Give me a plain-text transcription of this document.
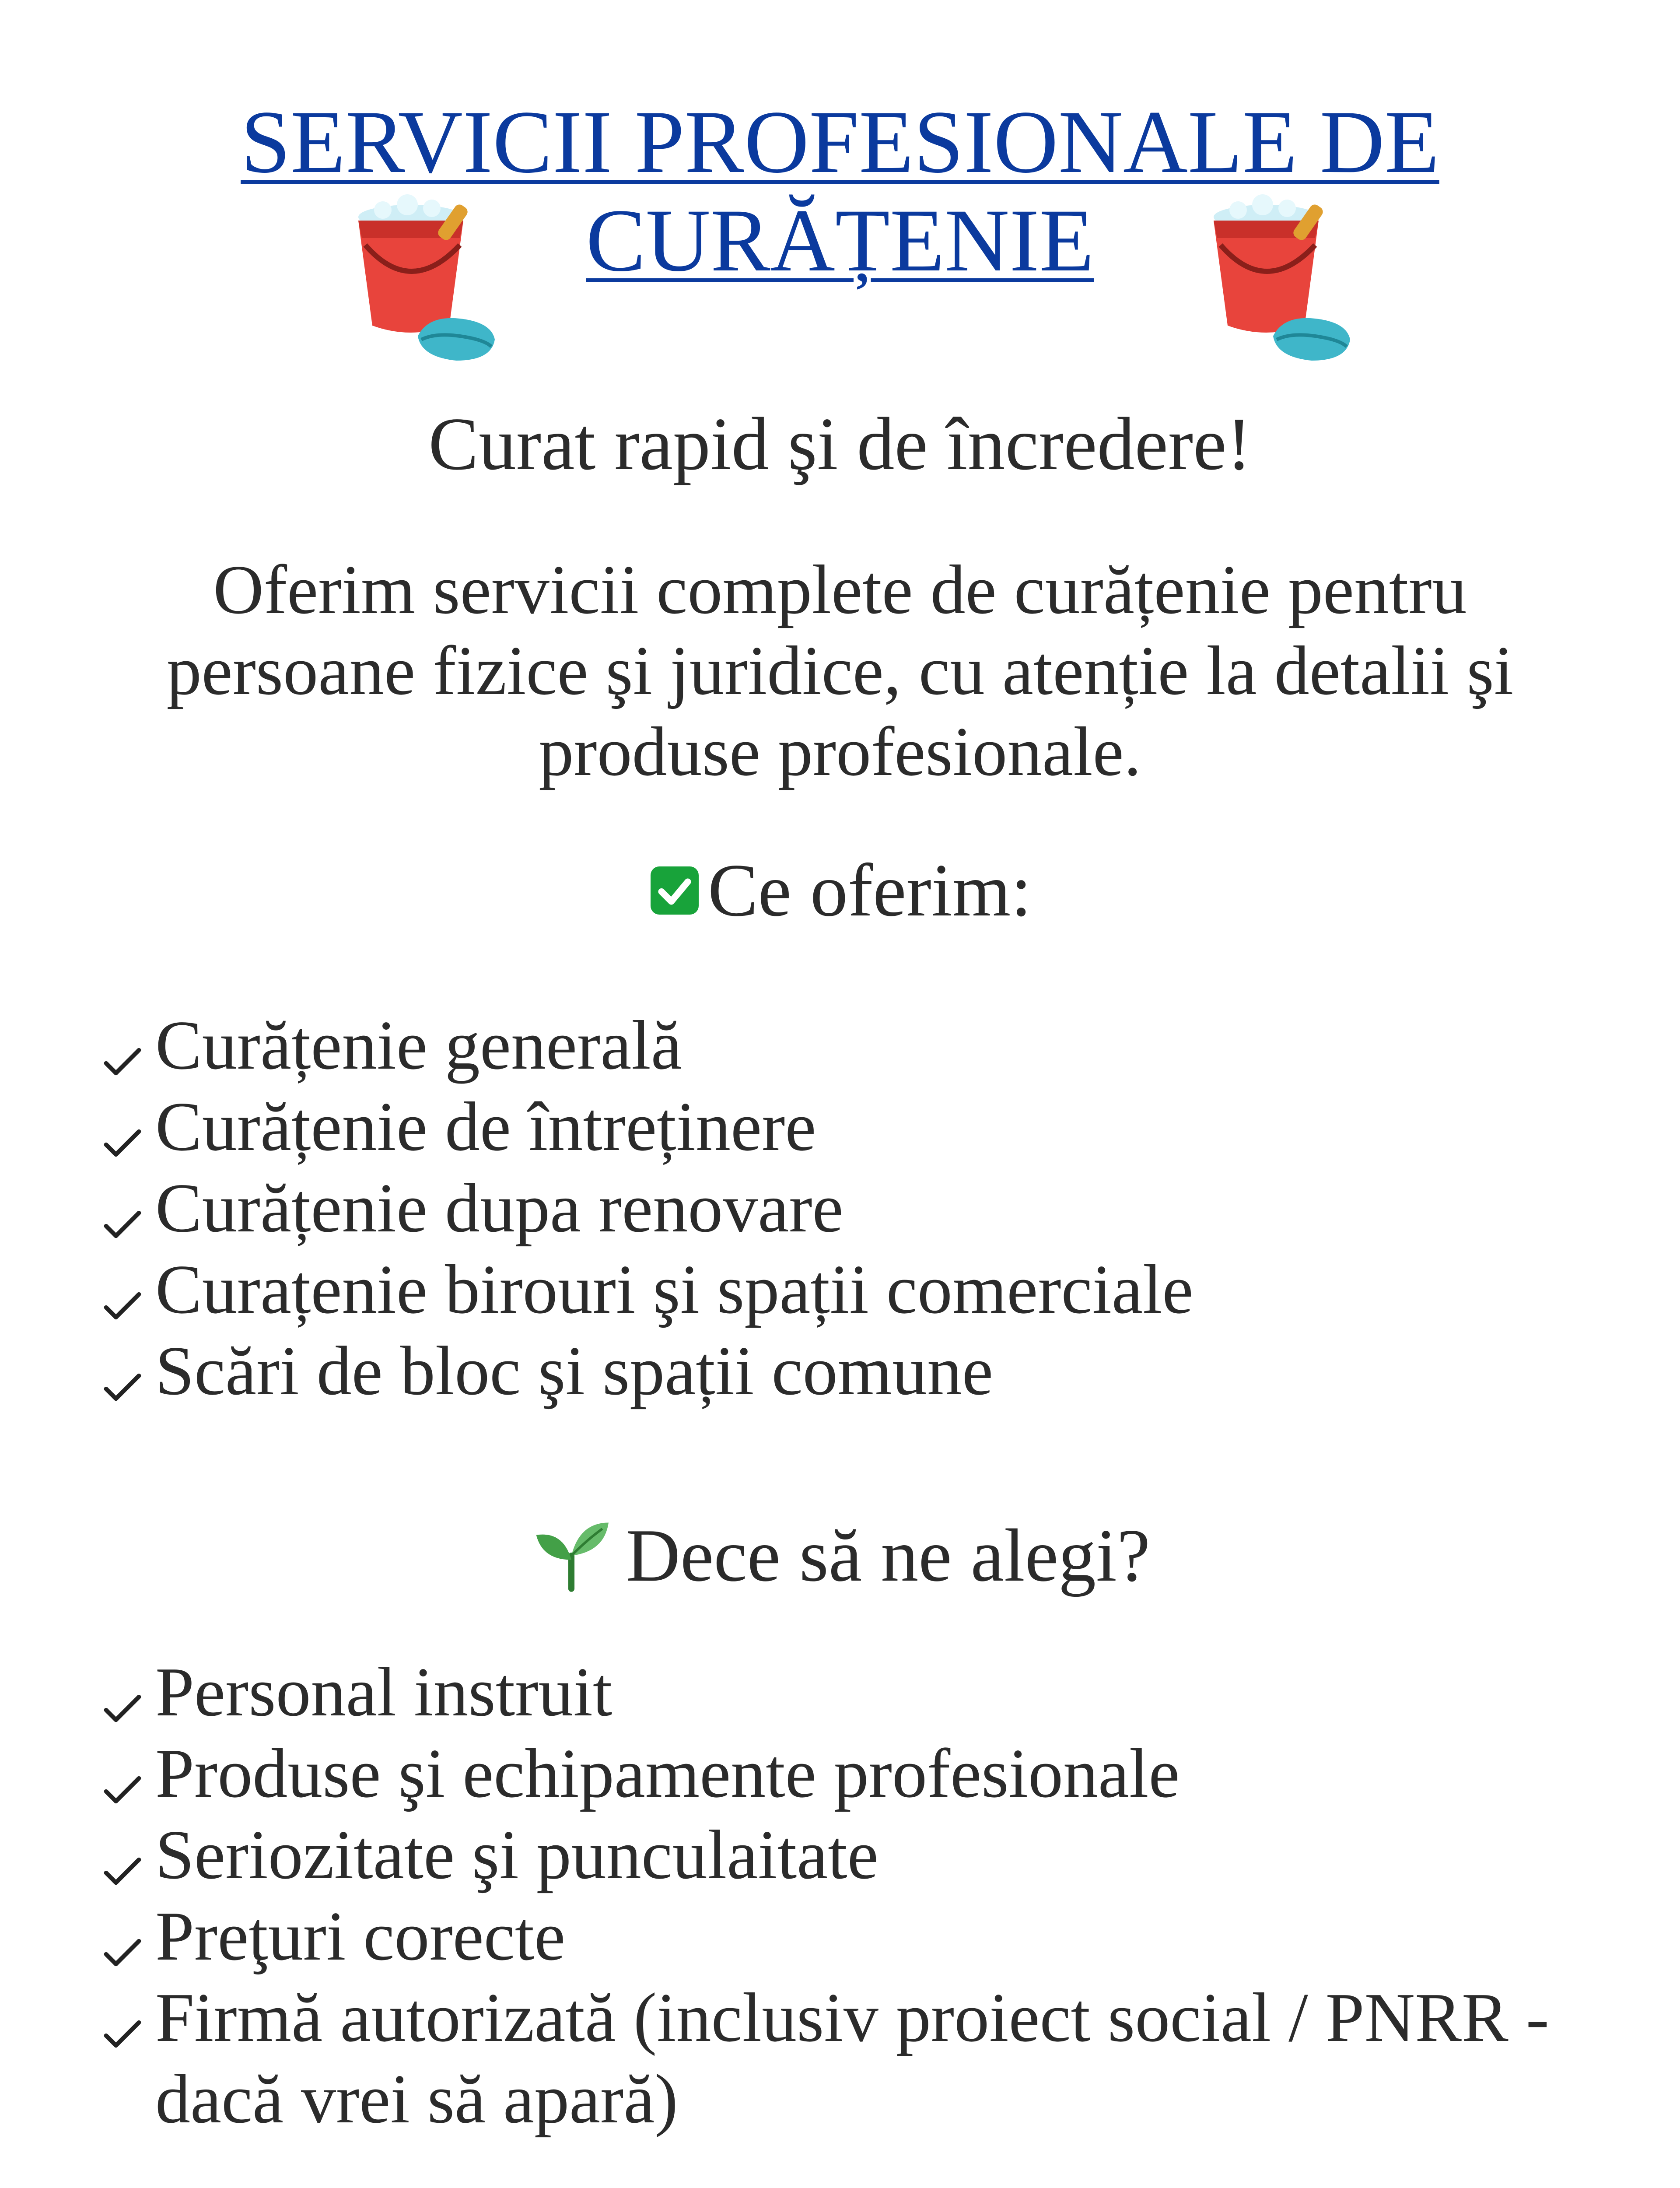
SERVICII PROFESIONALE DE
CURĂȚENIE
Curat rapid şi de încredere!
Oferim servicii complete de curățenie pentru
persoane fizice şi juridice, cu atenție la detalii şi
produse profesionale.
Ce oferim:
Curățenie generală
Curățenie de întreținere
Curățenie dupa renovare
Curațenie birouri şi spații comerciale
Scări de bloc şi spații comune
Dece să ne alegi?
Personal instruit
Produse şi echipamente profesionale
Seriozitate şi punculaitate
Preţuri corecte
Firmă autorizată (inclusiv proiect social / PNRR -
dacă vrei să apară)
